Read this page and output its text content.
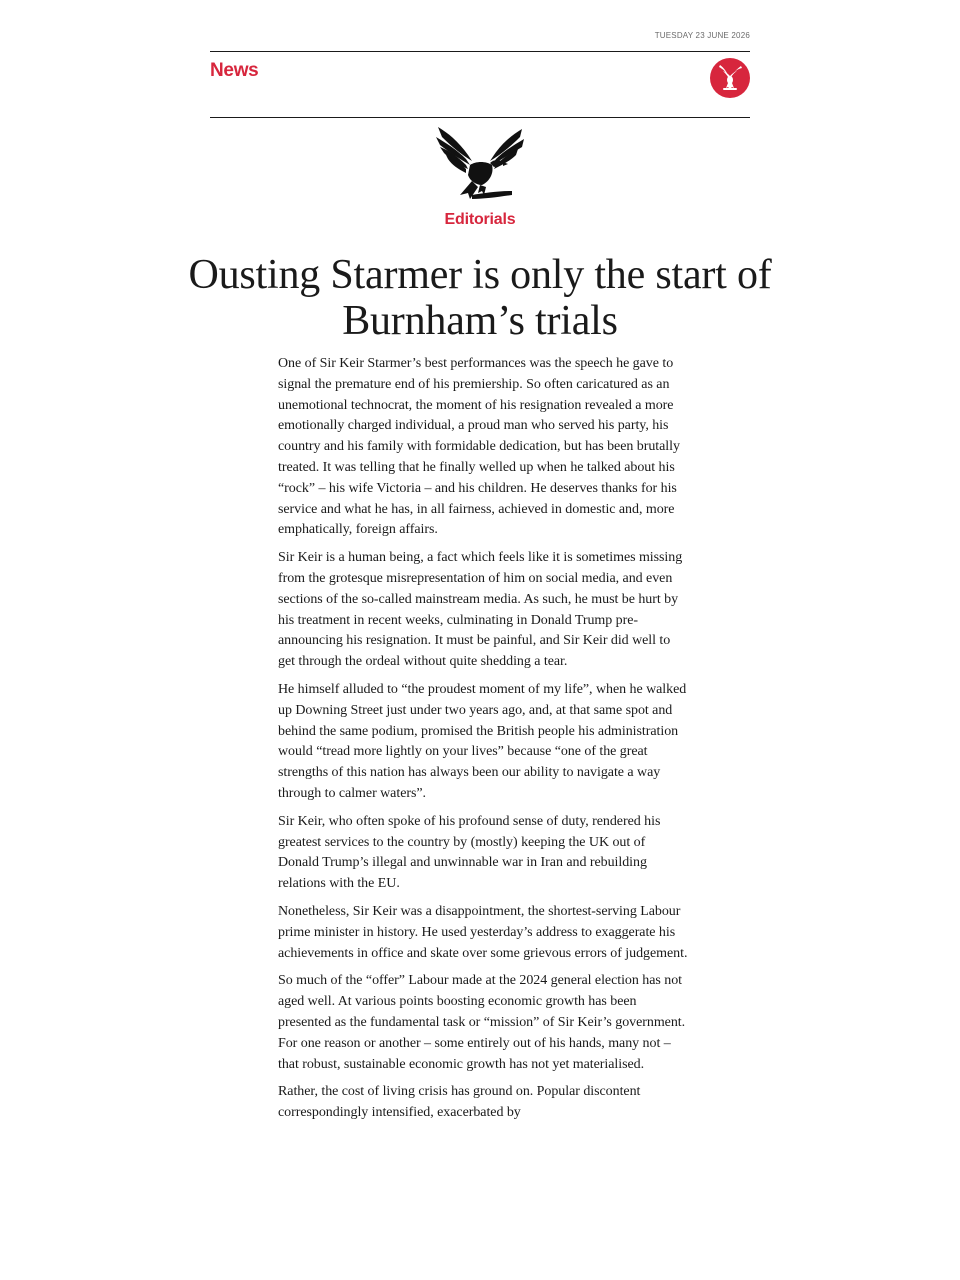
TUESDAY 23 JUNE 2026
News
Editorials
Ousting Starmer is only the start of Burnham’s trials

One of Sir Keir Starmer’s best performances was the speech he gave to signal the premature end of his premiership. So often caricatured as an unemotional technocrat, the moment of his resignation revealed a more emotionally charged individual, a proud man who served his party, his country and his family with formidable dedication, but has been brutally treated. It was telling that he finally welled up when he talked about his “rock” – his wife Victoria – and his children. He deserves thanks for his service and what he has, in all fairness, achieved in domestic and, more emphatically, foreign affairs.

Sir Keir is a human being, a fact which feels like it is sometimes missing from the grotesque misrepresentation of him on social media, and even sections of the so-called mainstream media. As such, he must be hurt by his treatment in recent weeks, culminating in Donald Trump pre-announcing his resignation. It must be painful, and Sir Keir did well to get through the ordeal without quite shedding a tear.

He himself alluded to “the proudest moment of my life”, when he walked up Downing Street just under two years ago, and, at that same spot and behind the same podium, promised the British people his administration would “tread more lightly on your lives” because “one of the great strengths of this nation has always been our ability to navigate a way through to calmer waters”.

Sir Keir, who often spoke of his profound sense of duty, rendered his greatest services to the country by (mostly) keeping the UK out of Donald Trump’s illegal and unwinnable war in Iran and rebuilding relations with the EU.

Nonetheless, Sir Keir was a disappointment, the shortest-serving Labour prime minister in history. He used yesterday’s address to exaggerate his achievements in office and skate over some grievous errors of judgement.

So much of the “offer” Labour made at the 2024 general election has not aged well. At various points boosting economic growth has been presented as the fundamental task or “mission” of Sir Keir’s government. For one reason or another – some entirely out of his hands, many not – that robust, sustainable economic growth has not yet materialised.

Rather, the cost of living crisis has ground on. Popular discontent correspondingly intensified, exacerbated by
